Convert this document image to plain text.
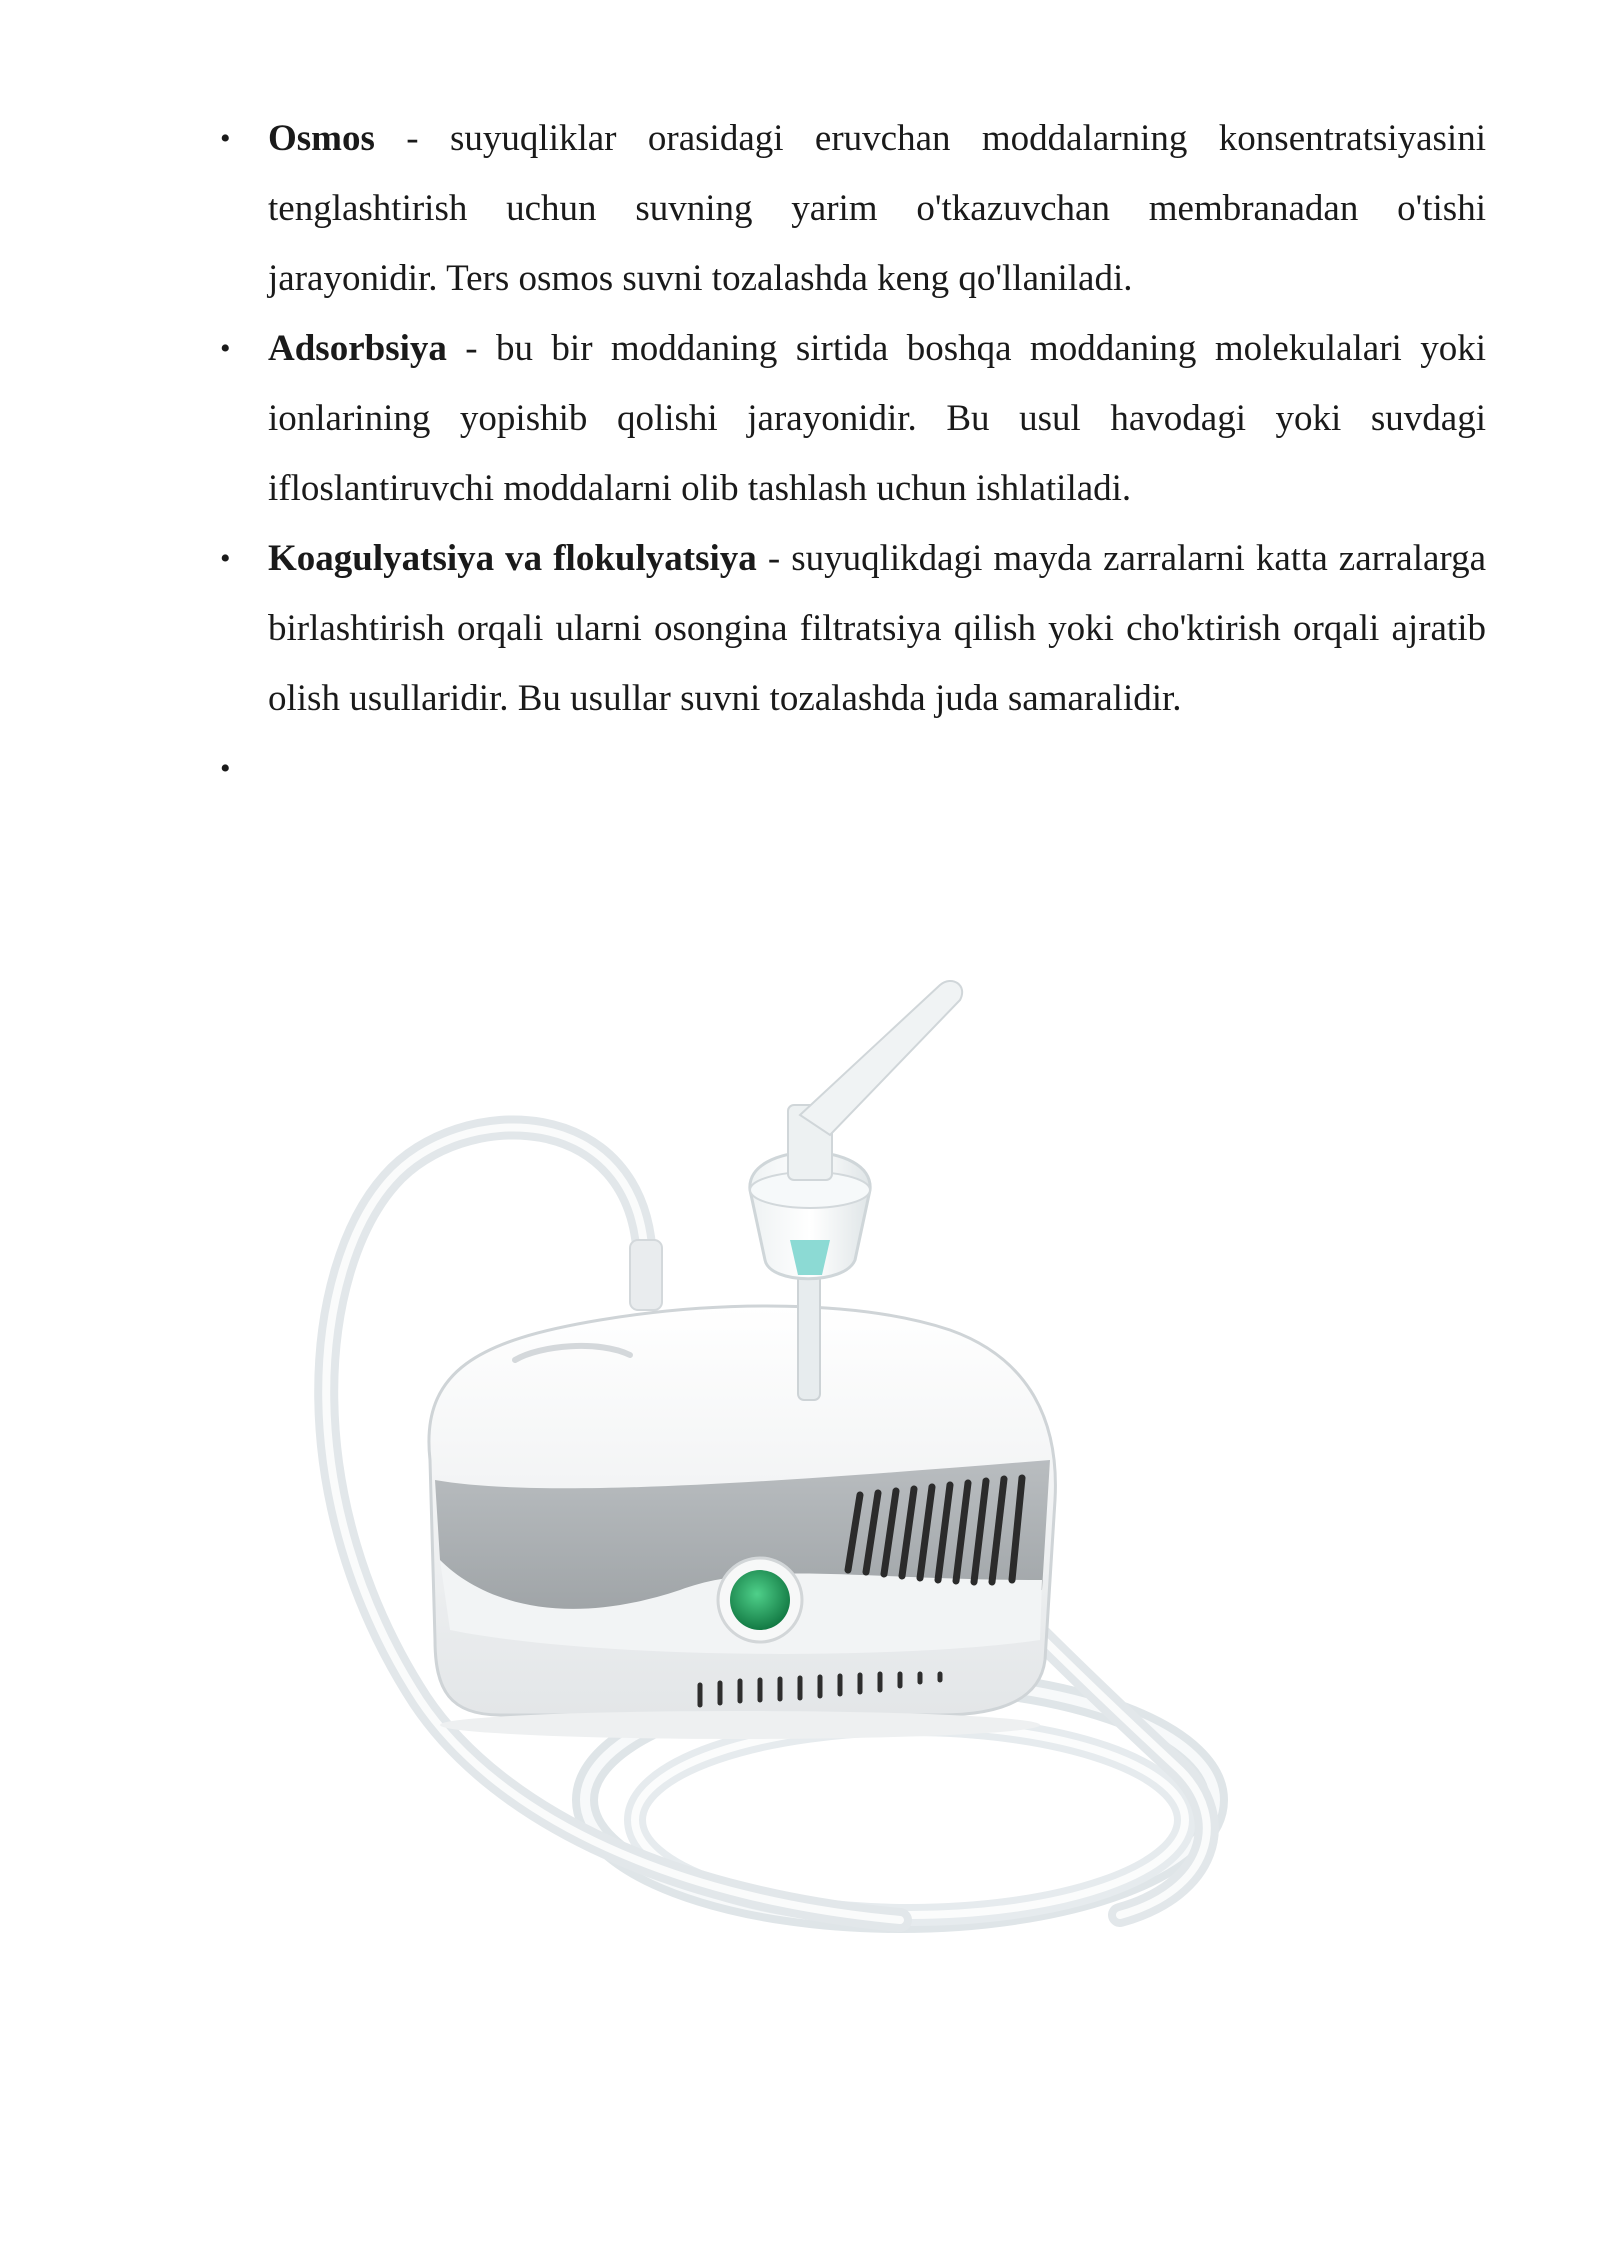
• Osmos - suyuqliklar orasidagi eruvchan moddalarning konsentratsiyasini tenglashtirish uchun suvning yarim o'tkazuvchan membranadan o'tishi jarayonidir. Ters osmos suvni tozalashda keng qo'llaniladi.
• Adsorbsiya - bu bir moddaning sirtida boshqa moddaning molekulalari yoki ionlarining yopishib qolishi jarayonidir. Bu usul havodagi yoki suvdagi ifloslantiruvchi moddalarni olib tashlash uchun ishlatiladi.
• Koagulyatsiya va flokulyatsiya - suyuqlikdagi mayda zarralarni katta zarralarga birlashtirish orqali ularni osongina filtratsiya qilish yoki cho'ktirish orqali ajratib olish usullaridir. Bu usullar suvni tozalashda juda samaralidir.
•
